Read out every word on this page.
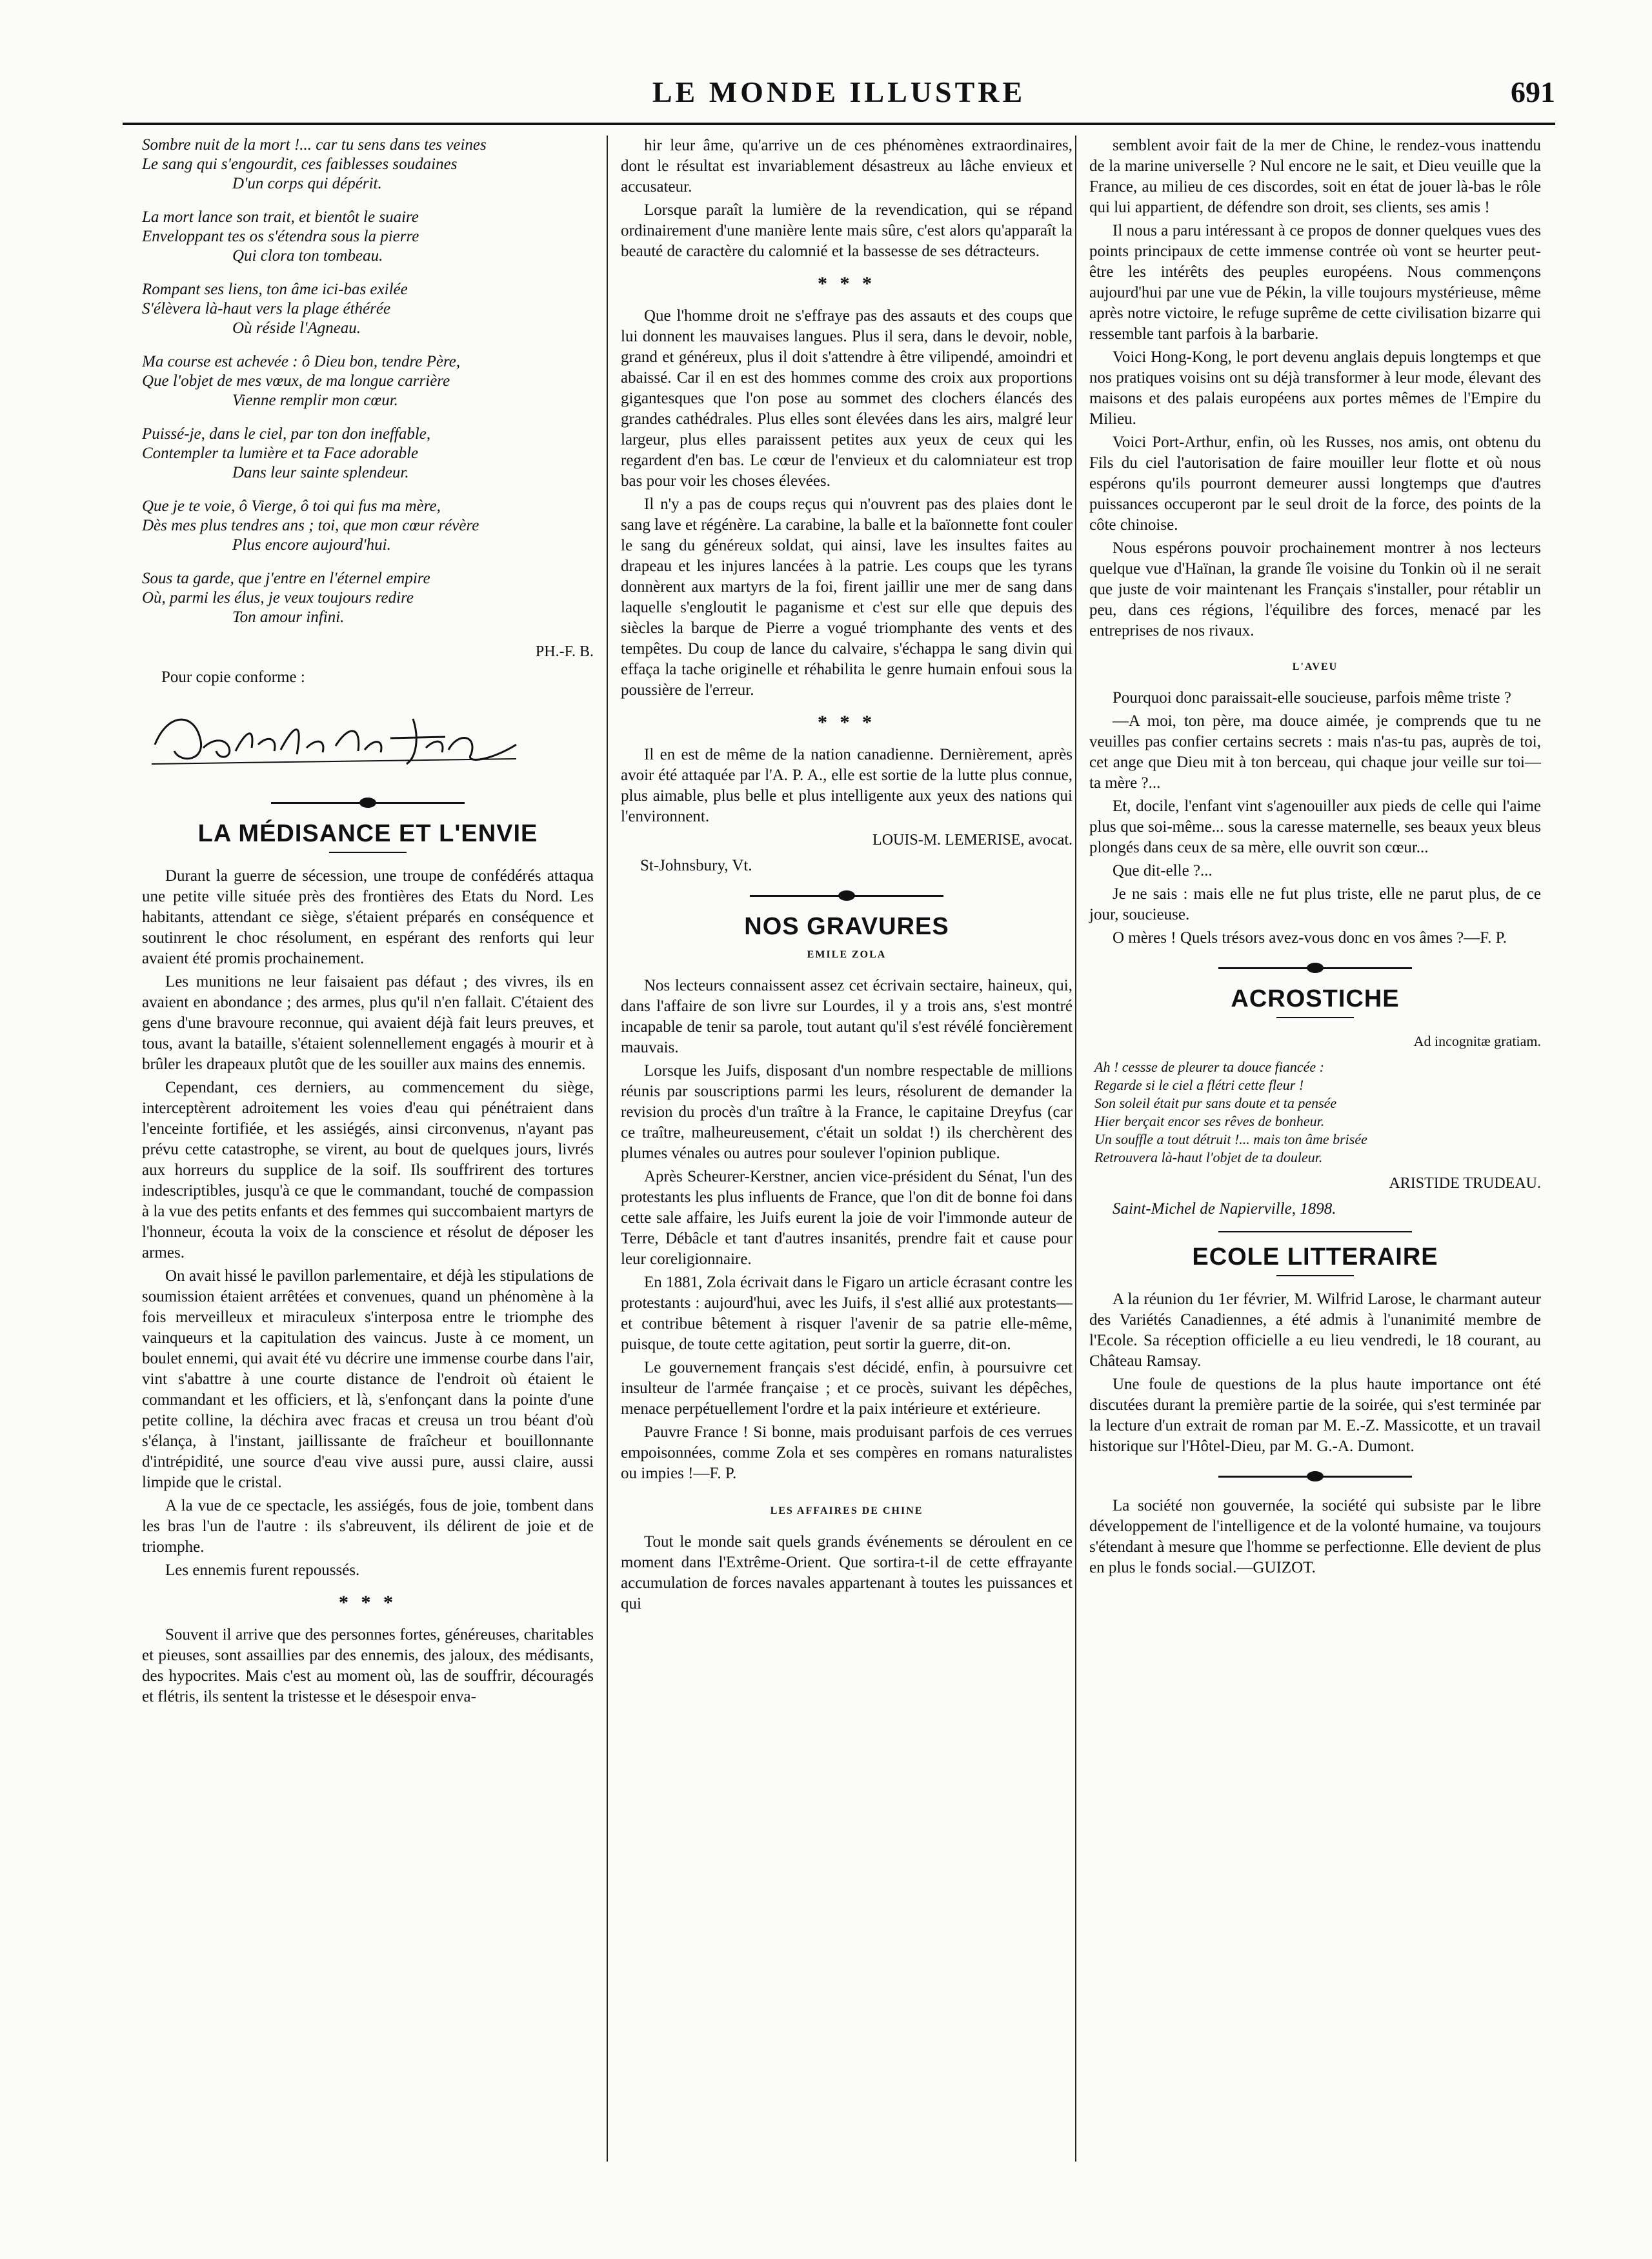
LE MONDE ILLUSTRE	691
Sombre nuit de la mort !... car tu sens dans tes veines
Le sang qui s'engourdit, ces faiblesses soudaines
D'un corps qui dépérit.
La mort lance son trait, et bientôt le suaire
Enveloppant tes os s'étendra sous la pierre
Qui clora ton tombeau.
Rompant ses liens, ton âme ici-bas exilée
S'élèvera là-haut vers la plage éthérée
Où réside l'Agneau.
Ma course est achevée : ô Dieu bon, tendre Père,
Que l'objet de mes vœux, de ma longue carrière
Vienne remplir mon cœur.
Puissé-je, dans le ciel, par ton don ineffable,
Contempler ta lumière et ta Face adorable
Dans leur sainte splendeur.
Que je te voie, ô Vierge, ô toi qui fus ma mère,
Dès mes plus tendres ans ; toi, que mon cœur révère
Plus encore aujourd'hui.
Sous ta garde, que j'entre en l'éternel empire
Où, parmi les élus, je veux toujours redire
Ton amour infini.
PH.-F. B.

Pour copie conforme :

LA MÉDISANCE ET L'ENVIE

Durant la guerre de sécession, une troupe de confédérés attaqua une petite ville située près des frontières des Etats du Nord. Les habitants, attendant ce siège, s'étaient préparés en conséquence et soutinrent le choc résolument, en espérant des renforts qui leur avaient été promis prochainement.

Les munitions ne leur faisaient pas défaut ; des vivres, ils en avaient en abondance ; des armes, plus qu'il n'en fallait. C'étaient des gens d'une bravoure reconnue, qui avaient déjà fait leurs preuves, et tous, avant la bataille, s'étaient solennellement engagés à mourir et à brûler les drapeaux plutôt que de les souiller aux mains des ennemis.

Cependant, ces derniers, au commencement du siège, interceptèrent adroitement les voies d'eau qui pénétraient dans l'enceinte fortifiée, et les assiégés, ainsi circonvenus, n'ayant pas prévu cette catastrophe, se virent, au bout de quelques jours, livrés aux horreurs du supplice de la soif. Ils souffrirent des tortures indescriptibles, jusqu'à ce que le commandant, touché de compassion à la vue des petits enfants et des femmes qui succombaient martyrs de l'honneur, écouta la voix de la conscience et résolut de déposer les armes.

On avait hissé le pavillon parlementaire, et déjà les stipulations de soumission étaient arrêtées et convenues, quand un phénomène à la fois merveilleux et miraculeux s'interposa entre le triomphe des vainqueurs et la capitulation des vaincus. Juste à ce moment, un boulet ennemi, qui avait été vu décrire une immense courbe dans l'air, vint s'abattre à une courte distance de l'endroit où étaient le commandant et les officiers, et là, s'enfonçant dans la pointe d'une petite colline, la déchira avec fracas et creusa un trou béant d'où s'élança, à l'instant, jaillissante de fraîcheur et bouillonnante d'intrépidité, une source d'eau vive aussi pure, aussi claire, aussi limpide que le cristal.

A la vue de ce spectacle, les assiégés, fous de joie, tombent dans les bras l'un de l'autre : ils s'abreuvent, ils délirent de joie et de triomphe.

Les ennemis furent repoussés.

* * *

Souvent il arrive que des personnes fortes, généreuses, charitables et pieuses, sont assaillies par des ennemis, des jaloux, des médisants, des hypocrites. Mais c'est au moment où, las de souffrir, découragés et flétris, ils sentent la tristesse et le désespoir enva-

hir leur âme, qu'arrive un de ces phénomènes extraordinaires, dont le résultat est invariablement désastreux au lâche envieux et accusateur.

Lorsque paraît la lumière de la revendication, qui se répand ordinairement d'une manière lente mais sûre, c'est alors qu'apparaît la beauté de caractère du calomnié et la bassesse de ses détracteurs.

* * *

Que l'homme droit ne s'effraye pas des assauts et des coups que lui donnent les mauvaises langues. Plus il sera, dans le devoir, noble, grand et généreux, plus il doit s'attendre à être vilipendé, amoindri et abaissé. Car il en est des hommes comme des croix aux proportions gigantesques que l'on pose au sommet des clochers élancés des grandes cathédrales. Plus elles sont élevées dans les airs, malgré leur largeur, plus elles paraissent petites aux yeux de ceux qui les regardent d'en bas. Le cœur de l'envieux et du calomniateur est trop bas pour voir les choses élevées.

Il n'y a pas de coups reçus qui n'ouvrent pas des plaies dont le sang lave et régénère. La carabine, la balle et la baïonnette font couler le sang du généreux soldat, qui ainsi, lave les insultes faites au drapeau et les injures lancées à la patrie. Les coups que les tyrans donnèrent aux martyrs de la foi, firent jaillir une mer de sang dans laquelle s'engloutit le paganisme et c'est sur elle que depuis des siècles la barque de Pierre a vogué triomphante des vents et des tempêtes. Du coup de lance du calvaire, s'échappa le sang divin qui effaça la tache originelle et réhabilita le genre humain enfoui sous la poussière de l'erreur.

* * *

Il en est de même de la nation canadienne. Dernièrement, après avoir été attaquée par l'A. P. A., elle est sortie de la lutte plus connue, plus aimable, plus belle et plus intelligente aux yeux des nations qui l'environnent.

LOUIS-M. LEMERISE, avocat.
St-Johnsbury, Vt.
NOS GRAVURES
EMILE ZOLA

Nos lecteurs connaissent assez cet écrivain sectaire, haineux, qui, dans l'affaire de son livre sur Lourdes, il y a trois ans, s'est montré incapable de tenir sa parole, tout autant qu'il s'est révélé foncièrement mauvais.

Lorsque les Juifs, disposant d'un nombre respectable de millions réunis par souscriptions parmi les leurs, résolurent de demander la revision du procès d'un traître à la France, le capitaine Dreyfus (car ce traître, malheureusement, c'était un soldat !) ils cherchèrent des plumes vénales ou autres pour soulever l'opinion publique.

Après Scheurer-Kerstner, ancien vice-président du Sénat, l'un des protestants les plus influents de France, que l'on dit de bonne foi dans cette sale affaire, les Juifs eurent la joie de voir l'immonde auteur de Terre, Débâcle et tant d'autres insanités, prendre fait et cause pour leur coreligionnaire.

En 1881, Zola écrivait dans le Figaro un article écrasant contre les protestants : aujourd'hui, avec les Juifs, il s'est allié aux protestants—et contribue bêtement à risquer l'avenir de sa patrie elle-même, puisque, de toute cette agitation, peut sortir la guerre, dit-on.

Le gouvernement français s'est décidé, enfin, à poursuivre cet insulteur de l'armée française ; et ce procès, suivant les dépêches, menace perpétuellement l'ordre et la paix intérieure et extérieure.

Pauvre France ! Si bonne, mais produisant parfois de ces verrues empoisonnées, comme Zola et ses compères en romans naturalistes ou impies !—F. P.

LES AFFAIRES DE CHINE

Tout le monde sait quels grands événements se déroulent en ce moment dans l'Extrême-Orient. Que sortira-t-il de cette effrayante accumulation de forces navales appartenant à toutes les puissances et qui

semblent avoir fait de la mer de Chine, le rendez-vous inattendu de la marine universelle ? Nul encore ne le sait, et Dieu veuille que la France, au milieu de ces discordes, soit en état de jouer là-bas le rôle qui lui appartient, de défendre son droit, ses clients, ses amis !

Il nous a paru intéressant à ce propos de donner quelques vues des points principaux de cette immense contrée où vont se heurter peut-être les intérêts des peuples européens. Nous commençons aujourd'hui par une vue de Pékin, la ville toujours mystérieuse, même après notre victoire, le refuge suprême de cette civilisation bizarre qui ressemble tant parfois à la barbarie.

Voici Hong-Kong, le port devenu anglais depuis longtemps et que nos pratiques voisins ont su déjà transformer à leur mode, élevant des maisons et des palais européens aux portes mêmes de l'Empire du Milieu.

Voici Port-Arthur, enfin, où les Russes, nos amis, ont obtenu du Fils du ciel l'autorisation de faire mouiller leur flotte et où nous espérons qu'ils pourront demeurer aussi longtemps que d'autres puissances occuperont par le seul droit de la force, des points de la côte chinoise.

Nous espérons pouvoir prochainement montrer à nos lecteurs quelque vue d'Haïnan, la grande île voisine du Tonkin où il ne serait que juste de voir maintenant les Français s'installer, pour rétablir un peu, dans ces régions, l'équilibre des forces, menacé par les entreprises de nos rivaux.

L'AVEU

Pourquoi donc paraissait-elle soucieuse, parfois même triste ?

—A moi, ton père, ma douce aimée, je comprends que tu ne veuilles pas confier certains secrets : mais n'as-tu pas, auprès de toi, cet ange que Dieu mit à ton berceau, qui chaque jour veille sur toi—ta mère ?...

Et, docile, l'enfant vint s'agenouiller aux pieds de celle qui l'aime plus que soi-même... sous la caresse maternelle, ses beaux yeux bleus plongés dans ceux de sa mère, elle ouvrit son cœur...

Que dit-elle ?...

Je ne sais : mais elle ne fut plus triste, elle ne parut plus, de ce jour, soucieuse.

O mères ! Quels trésors avez-vous donc en vos âmes ?—F. P.

ACROSTICHE
Ad incognitæ gratiam.
Ah ! cessse de pleurer ta douce fiancée :
Regarde si le ciel a flétri cette fleur !
Son soleil était pur sans doute et ta pensée
Hier berçait encor ses rêves de bonheur.
Un souffle a tout détruit !... mais ton âme brisée
Retrouvera là-haut l'objet de ta douleur.
ARISTIDE TRUDEAU.
Saint-Michel de Napierville, 1898.
ECOLE LITTERAIRE

A la réunion du 1er février, M. Wilfrid Larose, le charmant auteur des Variétés Canadiennes, a été admis à l'unanimité membre de l'Ecole. Sa réception officielle a eu lieu vendredi, le 18 courant, au Château Ramsay.

Une foule de questions de la plus haute importance ont été discutées durant la première partie de la soirée, qui s'est terminée par la lecture d'un extrait de roman par M. E.-Z. Massicotte, et un travail historique sur l'Hôtel-Dieu, par M. G.-A. Dumont.

La société non gouvernée, la société qui subsiste par le libre développement de l'intelligence et de la volonté humaine, va toujours s'étendant à mesure que l'homme se perfectionne. Elle devient de plus en plus le fonds social.—GUIZOT.
